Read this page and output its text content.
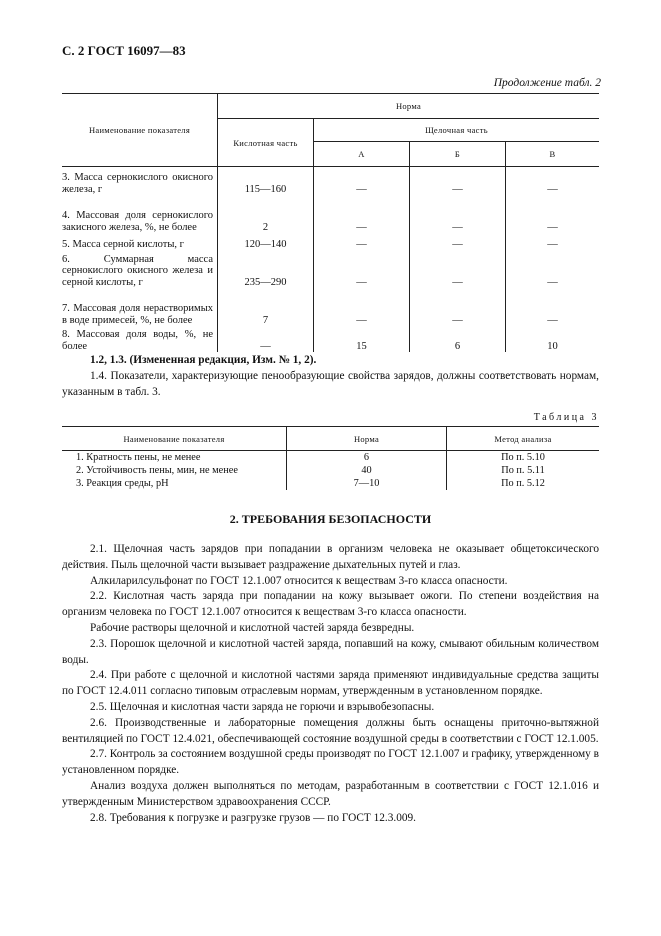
С. 2 ГОСТ 16097—83
Продолжение табл. 2
Наименование показателя	Норма			
	Кислотная часть	Щелочная часть		
		А	Б	В
3. Масса сернокислого окисного железа, г	115—160	—	—	—
4. Массовая доля сернокислого закисного железа, %, не более	2	—	—	—
5. Масса серной кислоты, г	120—140	—	—	—
6. Суммарная масса сернокислого окисного железа и серной кислоты, г	235—290	—	—	—
7. Массовая доля нерастворимых в воде примесей, %, не более	7	—	—	—
8. Массовая доля воды, %, не более	—	15	6	10
1.2, 1.3. (Измененная редакция, Изм. № 1, 2).
1.4. Показатели, характеризующие пенообразующие свойства зарядов, должны соответствовать нормам, указанным в табл. 3.
Таблица 3
Наименование показателя	Норма	Метод анализа
1. Кратность пены, не менее	6	По п. 5.10
2. Устойчивость пены, мин, не менее	40	По п. 5.11
3. Реакция среды, рН	7—10	По п. 5.12
2. ТРЕБОВАНИЯ БЕЗОПАСНОСТИ
2.1. Щелочная часть зарядов при попадании в организм человека не оказывает общетоксического действия. Пыль щелочной части вызывает раздражение дыхательных путей и глаз.
Алкиларилсульфонат по ГОСТ 12.1.007 относится к веществам 3-го класса опасности.
2.2. Кислотная часть заряда при попадании на кожу вызывает ожоги. По степени воздействия на организм человека по ГОСТ 12.1.007 относится к веществам 3-го класса опасности.
Рабочие растворы щелочной и кислотной частей заряда безвредны.
2.3. Порошок щелочной и кислотной частей заряда, попавший на кожу, смывают обильным количеством воды.
2.4. При работе с щелочной и кислотной частями заряда применяют индивидуальные средства защиты по ГОСТ 12.4.011 согласно типовым отраслевым нормам, утвержденным в установленном порядке.
2.5. Щелочная и кислотная части заряда не горючи и взрывобезопасны.
2.6. Производственные и лабораторные помещения должны быть оснащены приточно-вытяжной вентиляцией по ГОСТ 12.4.021, обеспечивающей состояние воздушной среды в соответствии с ГОСТ 12.1.005.
2.7. Контроль за состоянием воздушной среды производят по ГОСТ 12.1.007 и графику, утвержденному в установленном порядке.
Анализ воздуха должен выполняться по методам, разработанным в соответствии с ГОСТ 12.1.016 и утвержденным Министерством здравоохранения СССР.
2.8. Требования к погрузке и разгрузке грузов — по ГОСТ 12.3.009.
